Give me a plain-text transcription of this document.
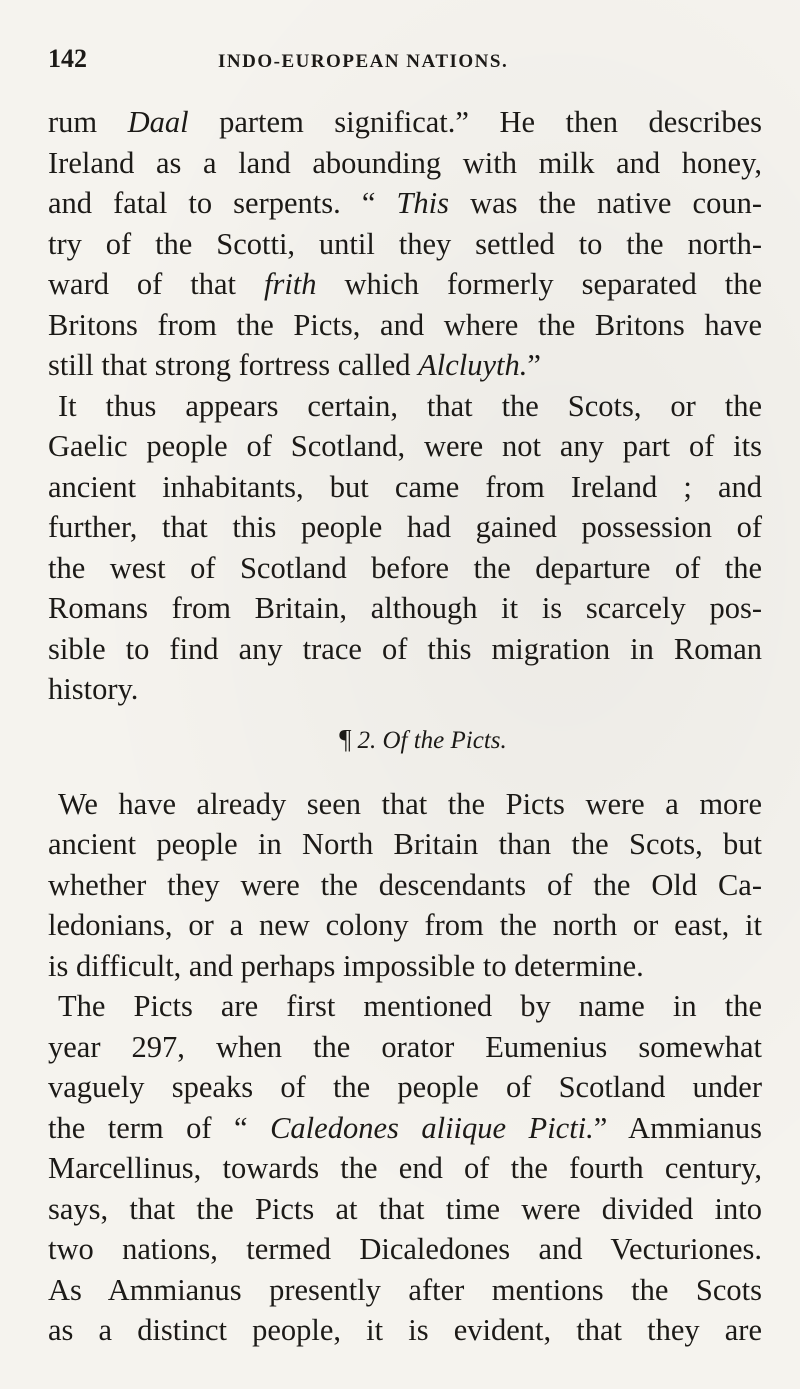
142	INDO-EUROPEAN NATIONS.

rum Daal partem significat.” He then describes
Ireland as a land abounding with milk and honey,
and fatal to serpents. “ This was the native coun-
try of the Scotti, until they settled to the north-
ward of that frith which formerly separated the
Britons from the Picts, and where the Britons have
still that strong fortress called Alcluyth.”

It thus appears certain, that the Scots, or the
Gaelic people of Scotland, were not any part of its
ancient inhabitants, but came from Ireland ; and
further, that this people had gained possession of
the west of Scotland before the departure of the
Romans from Britain, although it is scarcely pos-
sible to find any trace of this migration in Roman
history.

¶ 2. Of the Picts.

We have already seen that the Picts were a more
ancient people in North Britain than the Scots, but
whether they were the descendants of the Old Ca-
ledonians, or a new colony from the north or east, it
is difficult, and perhaps impossible to determine.

The Picts are first mentioned by name in the
year 297, when the orator Eumenius somewhat
vaguely speaks of the people of Scotland under
the term of “ Caledones aliique Picti.” Ammianus
Marcellinus, towards the end of the fourth century,
says, that the Picts at that time were divided into
two nations, termed Dicaledones and Vecturiones.
As Ammianus presently after mentions the Scots
as a distinct people, it is evident, that they are
